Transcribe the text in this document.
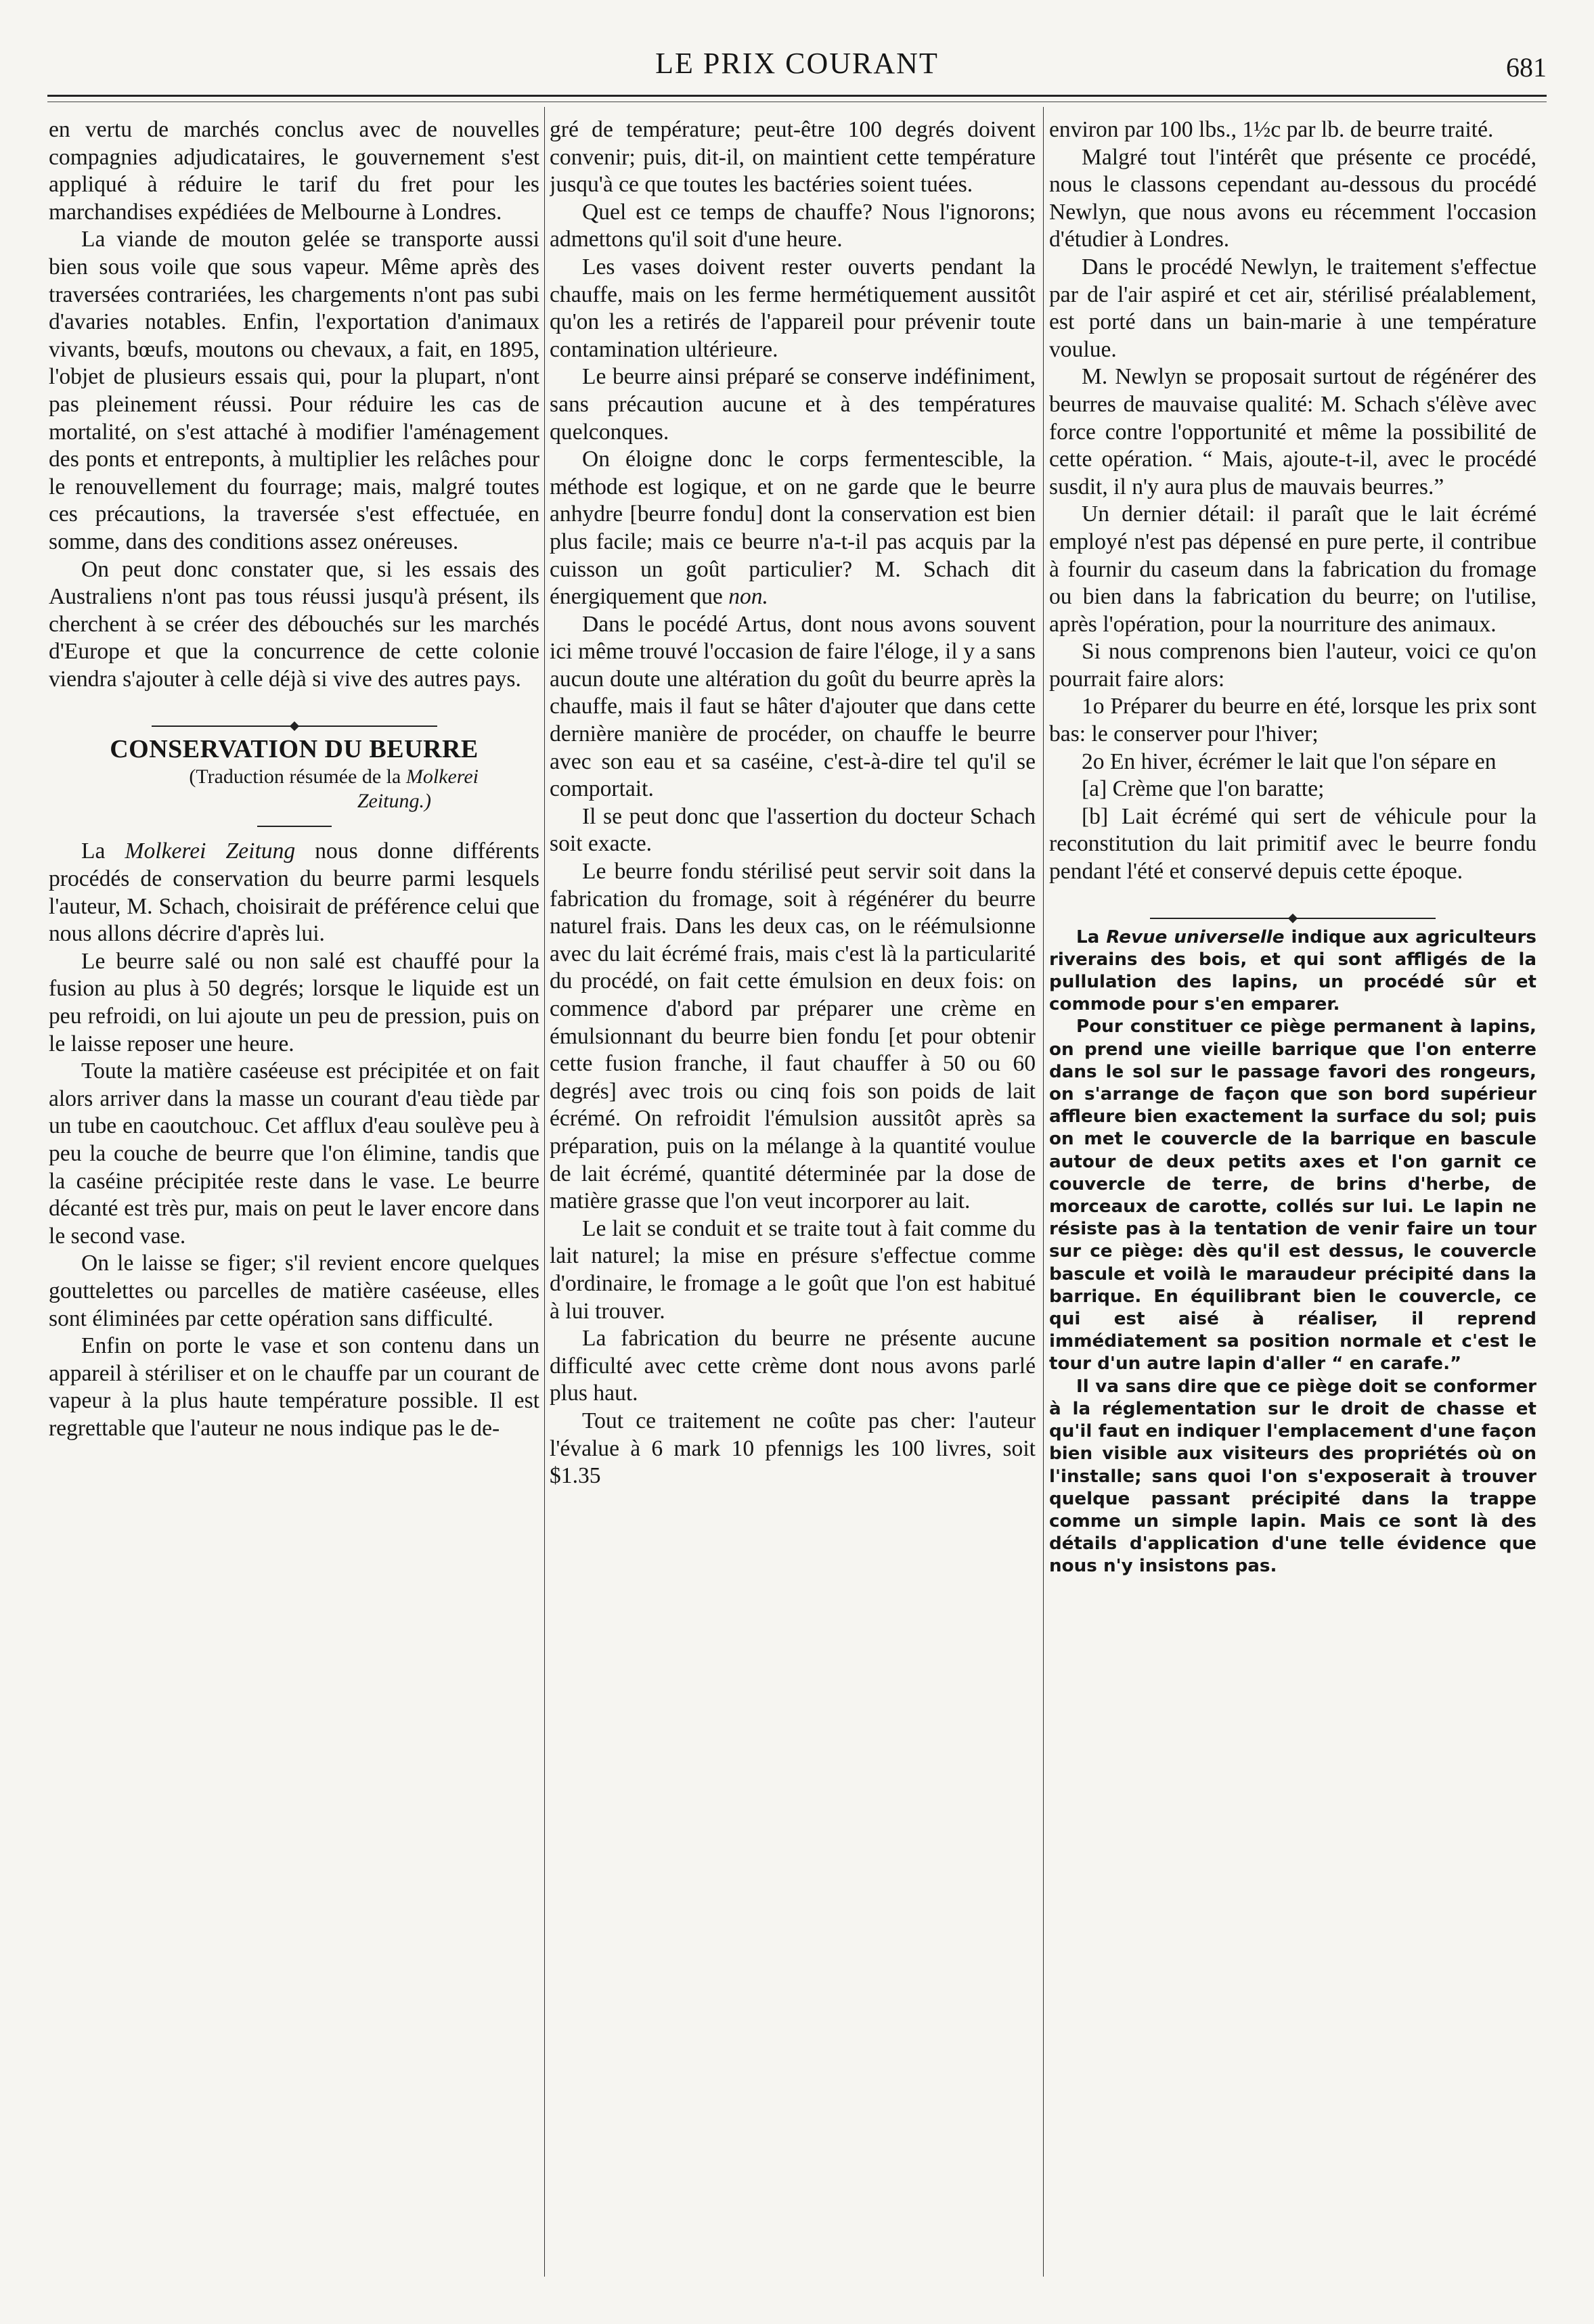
LE PRIX COURANT	681

en vertu de marchés conclus avec de nouvelles compagnies adjudicataires, le gouvernement s'est appliqué à réduire le tarif du fret pour les marchandises expédiées de Melbourne à Londres.

La viande de mouton gelée se transporte aussi bien sous voile que sous vapeur. Même après des traversées contrariées, les chargements n'ont pas subi d'avaries notables. Enfin, l'exportation d'animaux vivants, bœufs, moutons ou chevaux, a fait, en 1895, l'objet de plusieurs essais qui, pour la plupart, n'ont pas pleinement réussi. Pour réduire les cas de mortalité, on s'est attaché à modifier l'aménagement des ponts et entreponts, à multiplier les relâches pour le renouvellement du fourrage; mais, malgré toutes ces précautions, la traversée s'est effectuée, en somme, dans des conditions assez onéreuses.

On peut donc constater que, si les essais des Australiens n'ont pas tous réussi jusqu'à présent, ils cherchent à se créer des débouchés sur les marchés d'Europe et que la concurrence de cette colonie viendra s'ajouter à celle déjà si vive des autres pays.

CONSERVATION DU BEURRE
(Traduction résumée de la Molkerei
Zeitung.)

La Molkerei Zeitung nous donne différents procédés de conservation du beurre parmi lesquels l'auteur, M. Schach, choisirait de préférence celui que nous allons décrire d'après lui.

Le beurre salé ou non salé est chauffé pour la fusion au plus à 50 degrés; lorsque le liquide est un peu refroidi, on lui ajoute un peu de pression, puis on le laisse reposer une heure.

Toute la matière caséeuse est précipitée et on fait alors arriver dans la masse un courant d'eau tiède par un tube en caoutchouc. Cet afflux d'eau soulève peu à peu la couche de beurre que l'on élimine, tandis que la caséine précipitée reste dans le vase. Le beurre décanté est très pur, mais on peut le laver encore dans le second vase.

On le laisse se figer; s'il revient encore quelques gouttelettes ou parcelles de matière caséeuse, elles sont éliminées par cette opération sans difficulté.

Enfin on porte le vase et son contenu dans un appareil à stériliser et on le chauffe par un courant de vapeur à la plus haute température possible. Il est regrettable que l'auteur ne nous indique pas le de-

gré de température; peut-être 100 degrés doivent convenir; puis, dit-il, on maintient cette température jusqu'à ce que toutes les bactéries soient tuées.

Quel est ce temps de chauffe? Nous l'ignorons; admettons qu'il soit d'une heure.

Les vases doivent rester ouverts pendant la chauffe, mais on les ferme hermétiquement aussitôt qu'on les a retirés de l'appareil pour prévenir toute contamination ultérieure.

Le beurre ainsi préparé se conserve indéfiniment, sans précaution aucune et à des températures quelconques.

On éloigne donc le corps fermentescible, la méthode est logique, et on ne garde que le beurre anhydre [beurre fondu] dont la conservation est bien plus facile; mais ce beurre n'a-t-il pas acquis par la cuisson un goût particulier? M. Schach dit énergiquement que non.

Dans le pocédé Artus, dont nous avons souvent ici même trouvé l'occasion de faire l'éloge, il y a sans aucun doute une altération du goût du beurre après la chauffe, mais il faut se hâter d'ajouter que dans cette dernière manière de procéder, on chauffe le beurre avec son eau et sa caséine, c'est-à-dire tel qu'il se comportait.

Il se peut donc que l'assertion du docteur Schach soit exacte.

Le beurre fondu stérilisé peut servir soit dans la fabrication du fromage, soit à régénérer du beurre naturel frais. Dans les deux cas, on le réémulsionne avec du lait écrémé frais, mais c'est là la particularité du procédé, on fait cette émulsion en deux fois: on commence d'abord par préparer une crème en émulsionnant du beurre bien fondu [et pour obtenir cette fusion franche, il faut chauffer à 50 ou 60 degrés] avec trois ou cinq fois son poids de lait écrémé. On refroidit l'émulsion aussitôt après sa préparation, puis on la mélange à la quantité voulue de lait écrémé, quantité déterminée par la dose de matière grasse que l'on veut incorporer au lait.

Le lait se conduit et se traite tout à fait comme du lait naturel; la mise en présure s'effectue comme d'ordinaire, le fromage a le goût que l'on est habitué à lui trouver.

La fabrication du beurre ne présente aucune difficulté avec cette crème dont nous avons parlé plus haut.

Tout ce traitement ne coûte pas cher: l'auteur l'évalue à 6 mark 10 pfennigs les 100 livres, soit $1.35

environ par 100 lbs., 1½c par lb. de beurre traité.

Malgré tout l'intérêt que présente ce procédé, nous le classons cependant au-dessous du procédé Newlyn, que nous avons eu récemment l'occasion d'étudier à Londres.

Dans le procédé Newlyn, le traitement s'effectue par de l'air aspiré et cet air, stérilisé préalablement, est porté dans un bain-marie à une température voulue.

M. Newlyn se proposait surtout de régénérer des beurres de mauvaise qualité: M. Schach s'élève avec force contre l'opportunité et même la possibilité de cette opération. “ Mais, ajoute-t-il, avec le procédé susdit, il n'y aura plus de mauvais beurres.”

Un dernier détail: il paraît que le lait écrémé employé n'est pas dépensé en pure perte, il contribue à fournir du caseum dans la fabrication du fromage ou bien dans la fabrication du beurre; on l'utilise, après l'opération, pour la nourriture des animaux.

Si nous comprenons bien l'auteur, voici ce qu'on pourrait faire alors:

1o Préparer du beurre en été, lorsque les prix sont bas: le conserver pour l'hiver;

2o En hiver, écrémer le lait que l'on sépare en

[a] Crème que l'on baratte;

[b] Lait écrémé qui sert de véhicule pour la reconstitution du lait primitif avec le beurre fondu pendant l'été et conservé depuis cette époque.

La Revue universelle indique aux agriculteurs riverains des bois, et qui sont affligés de la pullulation des lapins, un procédé sûr et commode pour s'en emparer.

Pour constituer ce piège permanent à lapins, on prend une vieille barrique que l'on enterre dans le sol sur le passage favori des rongeurs, on s'arrange de façon que son bord supérieur affleure bien exactement la surface du sol; puis on met le couvercle de la barrique en bascule autour de deux petits axes et l'on garnit ce couvercle de terre, de brins d'herbe, de morceaux de carotte, collés sur lui. Le lapin ne résiste pas à la tentation de venir faire un tour sur ce piège: dès qu'il est dessus, le couvercle bascule et voilà le maraudeur précipité dans la barrique. En équilibrant bien le couvercle, ce qui est aisé à réaliser, il reprend immédiatement sa position normale et c'est le tour d'un autre lapin d'aller “ en carafe.”

Il va sans dire que ce piège doit se conformer à la réglementation sur le droit de chasse et qu'il faut en indiquer l'emplacement d'une façon bien visible aux visiteurs des propriétés où on l'installe; sans quoi l'on s'exposerait à trouver quelque passant précipité dans la trappe comme un simple lapin. Mais ce sont là des détails d'application d'une telle évidence que nous n'y insistons pas.
